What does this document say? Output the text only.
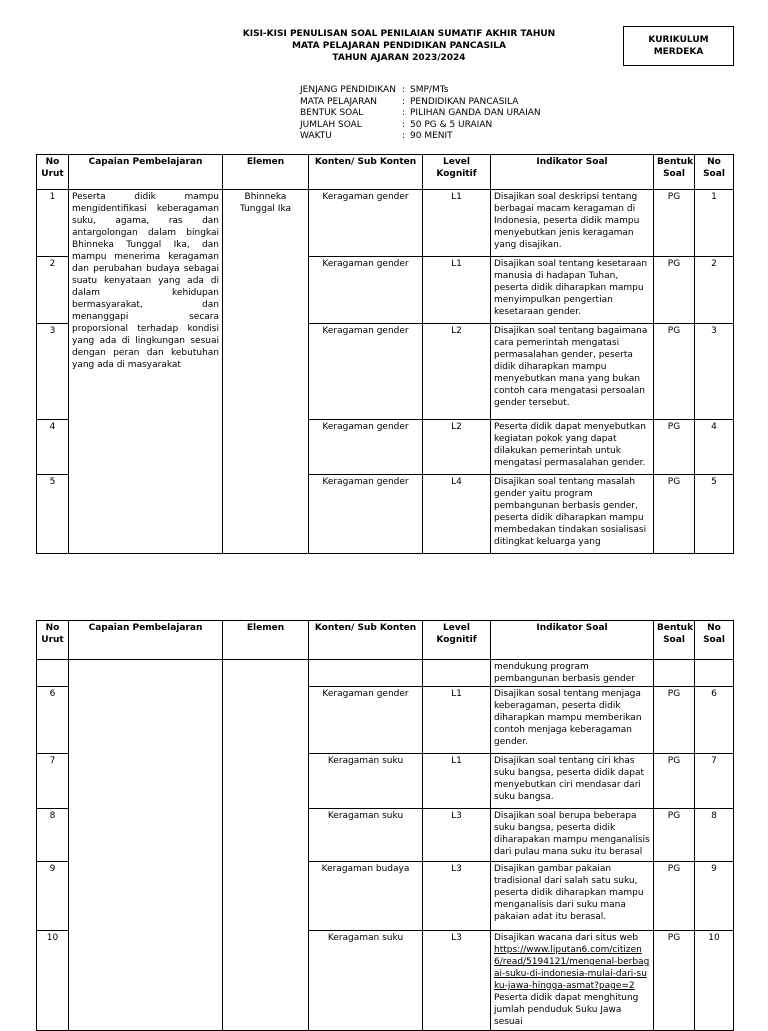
KISI-KISI PENULISAN SOAL PENILAIAN SUMATIF AKHIR TAHUN
MATA PELAJARAN PENDIDIKAN PANCASILA
TAHUN AJARAN 2023/2024
KURIKULUM
MERDEKA
JENJANG PENDIDIKAN : SMP/MTs
MATA PELAJARAN	: PENDIDIKAN PANCASILA
BENTUK SOAL	: PILIHAN GANDA DAN URAIAN
JUMLAH SOAL	: 50 PG & 5 URAIAN
WAKTU	: 90 MENIT
No Urut	Capaian Pembelajaran	Elemen	Konten/ Sub Konten	Level Kognitif	Indikator Soal	Bentuk Soal	No Soal
1	Peserta didik mampu mengidentifikasi keberagaman suku, agama, ras dan antargolongan dalam bingkai Bhinneka Tunggal Ika, dan mampu menerima keragaman dan perubahan budaya sebagai suatu kenyataan yang ada di dalam kehidupan bermasyarakat, dan menanggapi secara proporsional terhadap kondisi yang ada di lingkungan sesuai dengan peran dan kebutuhan yang ada di masyarakat	Bhinneka Tunggal Ika	Keragaman gender	L1	Disajikan soal deskripsi tentang berbagai macam keragaman di Indonesia, peserta didik mampu menyebutkan jenis keragaman yang disajikan.	PG	1
2			Keragaman gender	L1	Disajikan soal tentang kesetaraan manusia di hadapan Tuhan, peserta didik diharapkan mampu menyimpulkan pengertian kesetaraan gender.	PG	2
3			Keragaman gender	L2	Disajikan soal tentang bagaimana cara pemerintah mengatasi permasalahan gender, peserta didik diharapkan mampu menyebutkan mana yang bukan contoh cara mengatasi persoalan gender tersebut.	PG	3
4			Keragaman gender	L2	Peserta didik dapat menyebutkan kegiatan pokok yang dapat dilakukan pemerintah untuk mengatasi permasalahan gender.	PG	4
5			Keragaman gender	L4	Disajikan soal tentang masalah gender yaitu program pembangunan berbasis gender, peserta didik diharapkan mampu membedakan tindakan sosialisasi ditingkat keluarga yang	PG	5
No Urut	Capaian Pembelajaran	Elemen	Konten/ Sub Konten	Level Kognitif	Indikator Soal	Bentuk Soal	No Soal
					mendukung program pembangunan berbasis gender		
6			Keragaman gender	L1	Disajikan sosal tentang menjaga keberagaman, peserta didik diharapkan mampu memberikan contoh menjaga keberagaman gender.	PG	6
7			Keragaman suku	L1	Disajikan soal tentang ciri khas suku bangsa, peserta didik dapat menyebutkan ciri mendasar dari suku bangsa.	PG	7
8			Keragaman suku	L3	Disajikan soal berupa beberapa suku bangsa, peserta didik diharapakan mampu menganalisis dari pulau mana suku itu berasal	PG	8
9			Keragaman budaya	L3	Disajikan gambar pakaian tradisional dari salah satu suku, peserta didik diharapkan mampu menganalisis dari suku mana pakaian adat itu berasal.	PG	9
10			Keragaman suku	L3	Disajikan wacana dari situs web
https://www.liputan6.com/citizen6/read/5194121/mengenal-berbagai-suku-di-indonesia-mulai-dari-suku-jawa-hingga-asmat?page=2
Peserta didik dapat menghitung jumlah penduduk Suku Jawa sesuai	PG	10
